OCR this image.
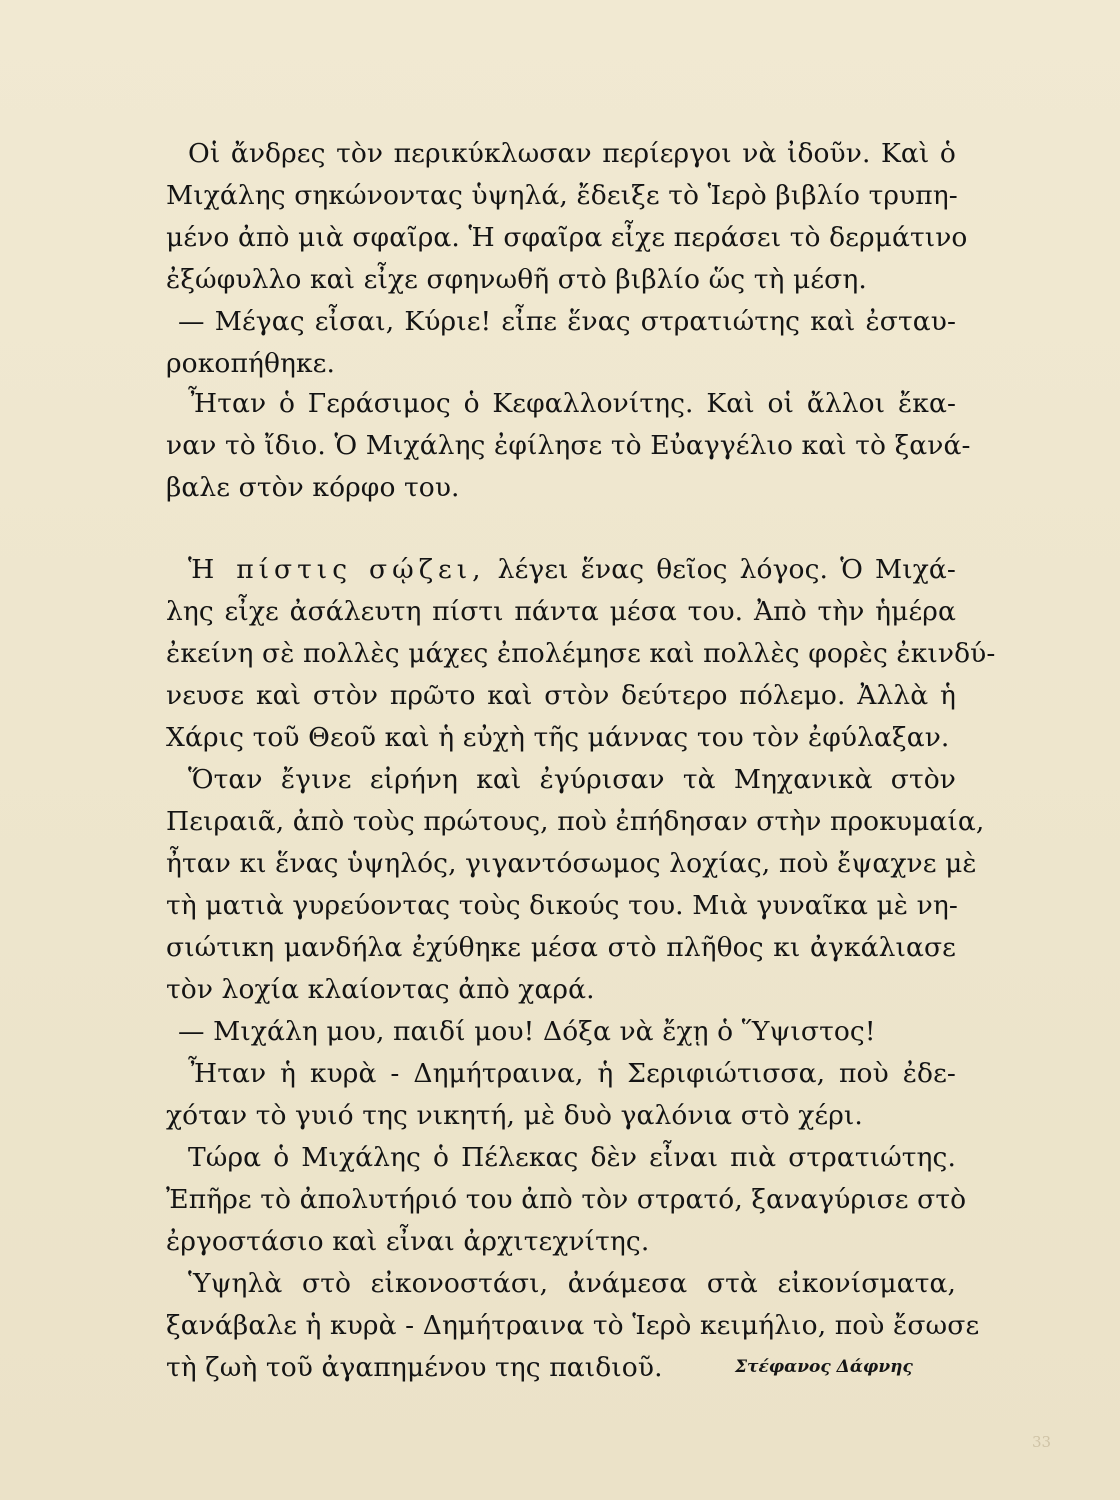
Οἱ ἄνδρες τὸν περικύκλωσαν περίεργοι νὰ ἰδοῦν. Καὶ ὁ
Μιχάλης σηκώνοντας ὑψηλά, ἔδειξε τὸ Ἱερὸ βιβλίο τρυπη-
μένο ἀπὸ μιὰ σφαῖρα. Ἡ σφαῖρα εἶχε περάσει τὸ δερμάτινο
ἐξώφυλλο καὶ εἶχε σφηνωθῆ στὸ βιβλίο ὥς τὴ μέση.
— Μέγας εἶσαι, Κύριε! εἶπε ἕνας στρατιώτης καὶ ἐσταυ-
ροκοπήθηκε.
Ἦταν ὁ Γεράσιμος ὁ Κεφαλλονίτης. Καὶ οἱ ἄλλοι ἔκα-
ναν τὸ ἴδιο. Ὁ Μιχάλης ἐφίλησε τὸ Εὐαγγέλιο καὶ τὸ ξανά-
βαλε στὸν κόρφο του.
Ἡ πίστις σῴζει, λέγει ἕνας θεῖος λόγος. Ὁ Μιχά-
λης εἶχε ἀσάλευτη πίστι πάντα μέσα του. Ἀπὸ τὴν ἡμέρα
ἐκείνη σὲ πολλὲς μάχες ἐπολέμησε καὶ πολλὲς φορὲς ἐκινδύ-
νευσε καὶ στὸν πρῶτο καὶ στὸν δεύτερο πόλεμο. Ἀλλὰ ἡ
Χάρις τοῦ Θεοῦ καὶ ἡ εὐχὴ τῆς μάννας του τὸν ἐφύλαξαν.
Ὅταν ἔγινε εἰρήνη καὶ ἐγύρισαν τὰ Μηχανικὰ στὸν
Πειραιᾶ, ἀπὸ τοὺς πρώτους, ποὺ ἐπήδησαν στὴν προκυμαία,
ἦταν κι ἕνας ὑψηλός, γιγαντόσωμος λοχίας, ποὺ ἔψαχνε μὲ
τὴ ματιὰ γυρεύοντας τοὺς δικούς του. Μιὰ γυναῖκα μὲ νη-
σιώτικη μανδήλα ἐχύθηκε μέσα στὸ πλῆθος κι ἀγκάλιασε
τὸν λοχία κλαίοντας ἀπὸ χαρά.
— Μιχάλη μου, παιδί μου! Δόξα νὰ ἔχῃ ὁ Ὕψιστος!
Ἦταν ἡ κυρὰ - Δημήτραινα, ἡ Σεριφιώτισσα, ποὺ ἐδε-
χόταν τὸ γυιό της νικητή, μὲ δυὸ γαλόνια στὸ χέρι.
Τώρα ὁ Μιχάλης ὁ Πέλεκας δὲν εἶναι πιὰ στρατιώτης.
Ἐπῆρε τὸ ἀπολυτήριό του ἀπὸ τὸν στρατό, ξαναγύρισε στὸ
ἐργοστάσιο καὶ εἶναι ἀρχιτεχνίτης.
Ὑψηλὰ στὸ εἰκονοστάσι, ἀνάμεσα στὰ εἰκονίσματα,
ξανάβαλε ἡ κυρὰ - Δημήτραινα τὸ Ἱερὸ κειμήλιο, ποὺ ἔσωσε
τὴ ζωὴ τοῦ ἀγαπημένου της παιδιοῦ.	Στέφανος Δάφνης
33
